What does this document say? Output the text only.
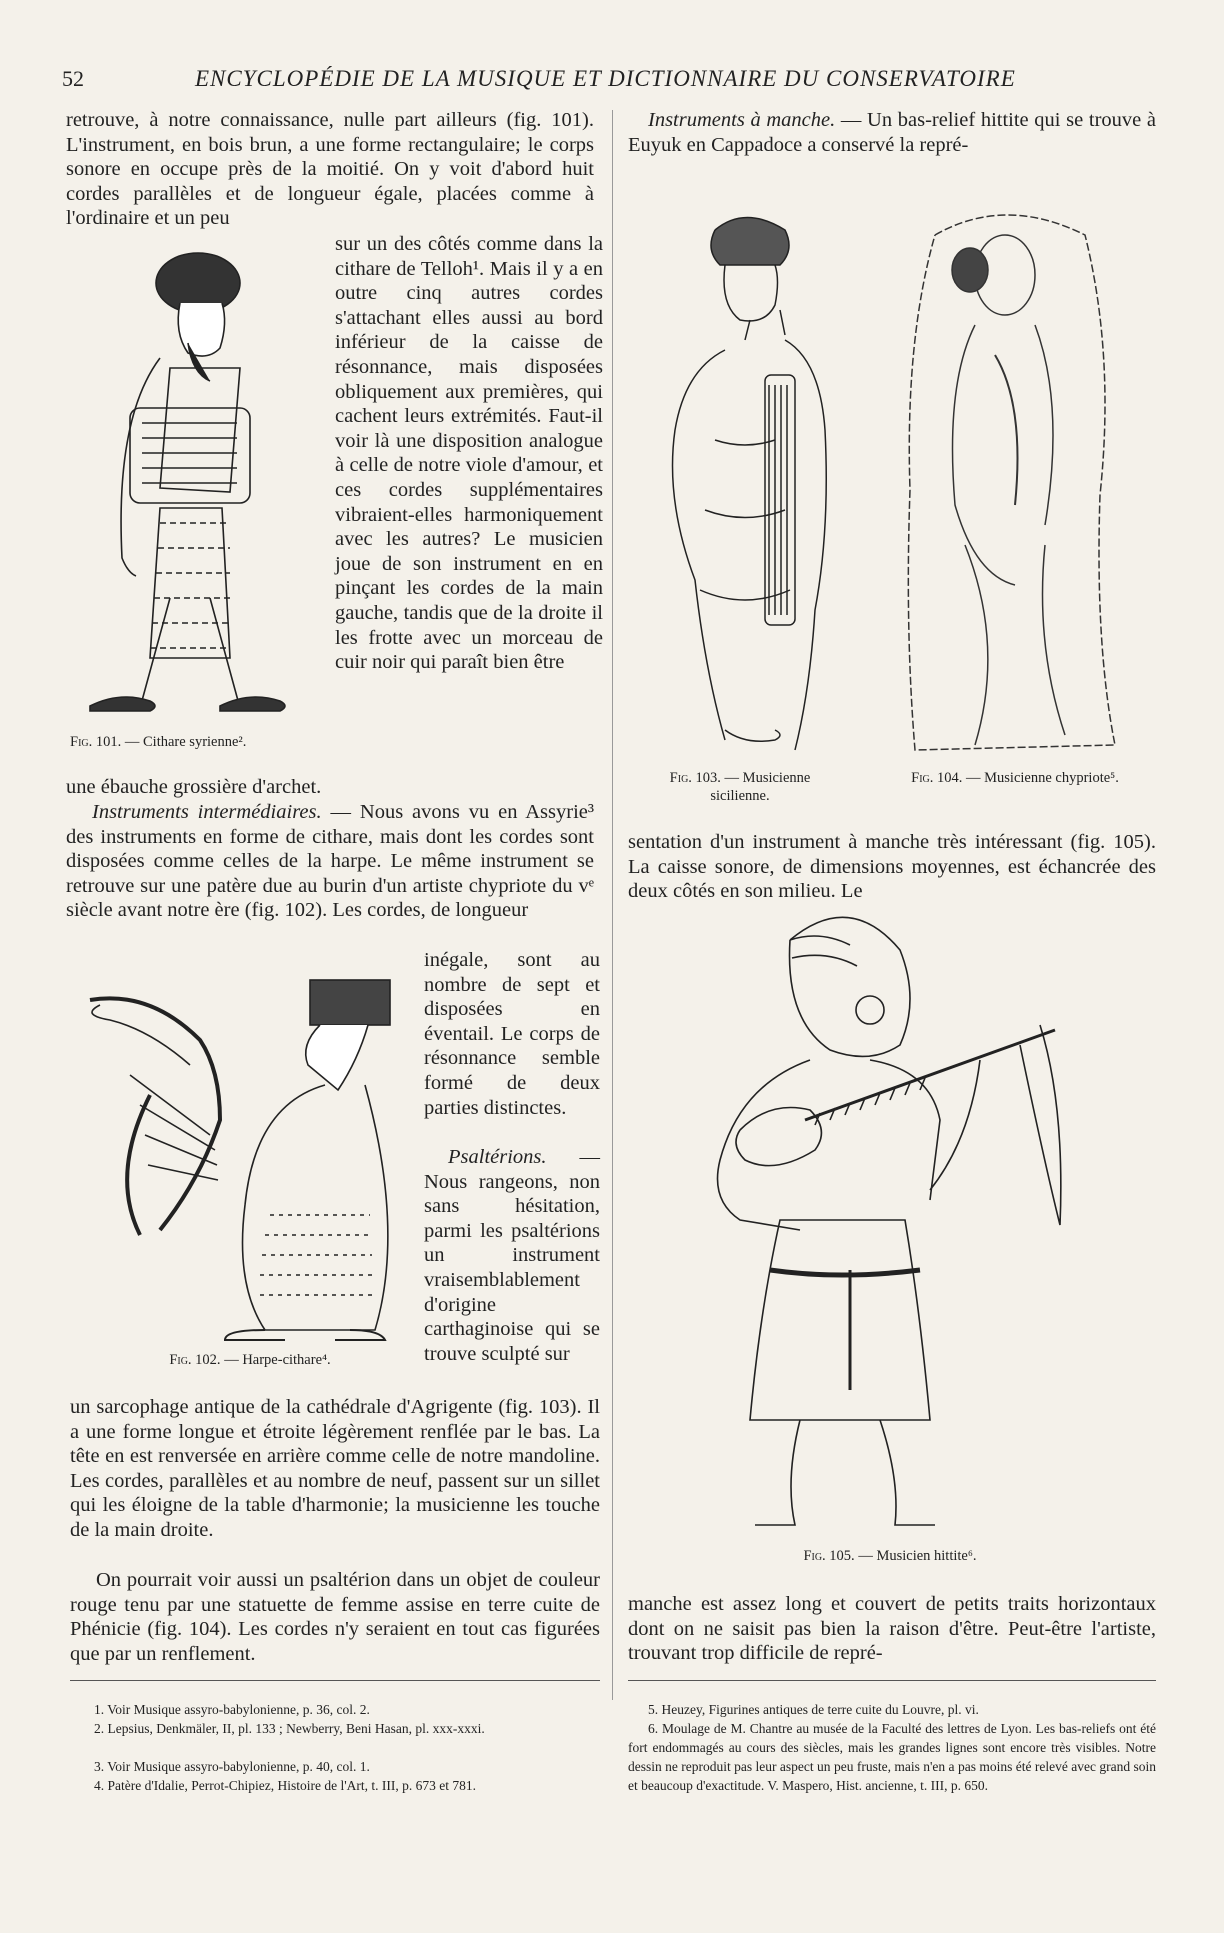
52	ENCYCLOPÉDIE DE LA MUSIQUE ET DICTIONNAIRE DU CONSERVATOIRE

retrouve, à notre connaissance, nulle part ailleurs (fig. 101). L'instrument, en bois brun, a une forme rectangulaire; le corps sonore en occupe près de la moitié. On y voit d'abord huit cordes parallèles et de longueur égale, placées comme à l'ordinaire et un peu

Fig. 101. — Cithare syrienne².

sur un des côtés comme dans la cithare de Telloh¹. Mais il y a en outre cinq autres cordes s'attachant elles aussi au bord inférieur de la caisse de résonnance, mais disposées obliquement aux premières, qui cachent leurs extrémités. Faut-il voir là une disposition analogue à celle de notre viole d'amour, et ces cordes supplémentaires vibraient-elles harmoniquement avec les autres? Le musicien joue de son instrument en en pinçant les cordes de la main gauche, tandis que de la droite il les frotte avec un morceau de cuir noir qui paraît bien être

une ébauche grossière d'archet.

Instruments intermédiaires. — Nous avons vu en Assyrie³ des instruments en forme de cithare, mais dont les cordes sont disposées comme celles de la harpe. Le même instrument se retrouve sur une patère due au burin d'un artiste chypriote du vᵉ siècle avant notre ère (fig. 102). Les cordes, de longueur

Fig. 102. — Harpe-cithare⁴.

inégale, sont au nombre de sept et disposées en éventail. Le corps de résonnance semble formé de deux parties distinctes.

Psaltérions. — Nous rangeons, non sans hésitation, parmi les psaltérions un instrument vraisemblablement d'origine carthaginoise qui se trouve sculpté sur

un sarcophage antique de la cathédrale d'Agrigente (fig. 103). Il a une forme longue et étroite légèrement renflée par le bas. La tête en est renversée en arrière comme celle de notre mandoline. Les cordes, parallèles et au nombre de neuf, passent sur un sillet qui les éloigne de la table d'harmonie; la musicienne les touche de la main droite.

On pourrait voir aussi un psaltérion dans un objet de couleur rouge tenu par une statuette de femme assise en terre cuite de Phénicie (fig. 104). Les cordes n'y seraient en tout cas figurées que par un renflement.

Instruments à manche. — Un bas-relief hittite qui se trouve à Euyuk en Cappadoce a conservé la repré-

Fig. 103. — Musicienne sicilienne.
Fig. 104. — Musicienne chypriote⁵.

sentation d'un instrument à manche très intéressant (fig. 105). La caisse sonore, de dimensions moyennes, est échancrée des deux côtés en son milieu. Le

Fig. 105. — Musicien hittite⁶.

manche est assez long et couvert de petits traits horizontaux dont on ne saisit pas bien la raison d'être. Peut-être l'artiste, trouvant trop difficile de repré-

1. Voir Musique assyro-babylonienne, p. 36, col. 2.
2. Lepsius, Denkmäler, II, pl. 133 ; Newberry, Beni Hasan, pl. xxx-xxxi.
3. Voir Musique assyro-babylonienne, p. 40, col. 1.
4. Patère d'Idalie, Perrot-Chipiez, Histoire de l'Art, t. III, p. 673 et 781.
5. Heuzey, Figurines antiques de terre cuite du Louvre, pl. vi.
6. Moulage de M. Chantre au musée de la Faculté des lettres de Lyon. Les bas-reliefs ont été fort endommagés au cours des siècles, mais les grandes lignes sont encore très visibles. Notre dessin ne reproduit pas leur aspect un peu fruste, mais n'en a pas moins été relevé avec grand soin et beaucoup d'exactitude. V. Maspero, Hist. ancienne, t. III, p. 650.
